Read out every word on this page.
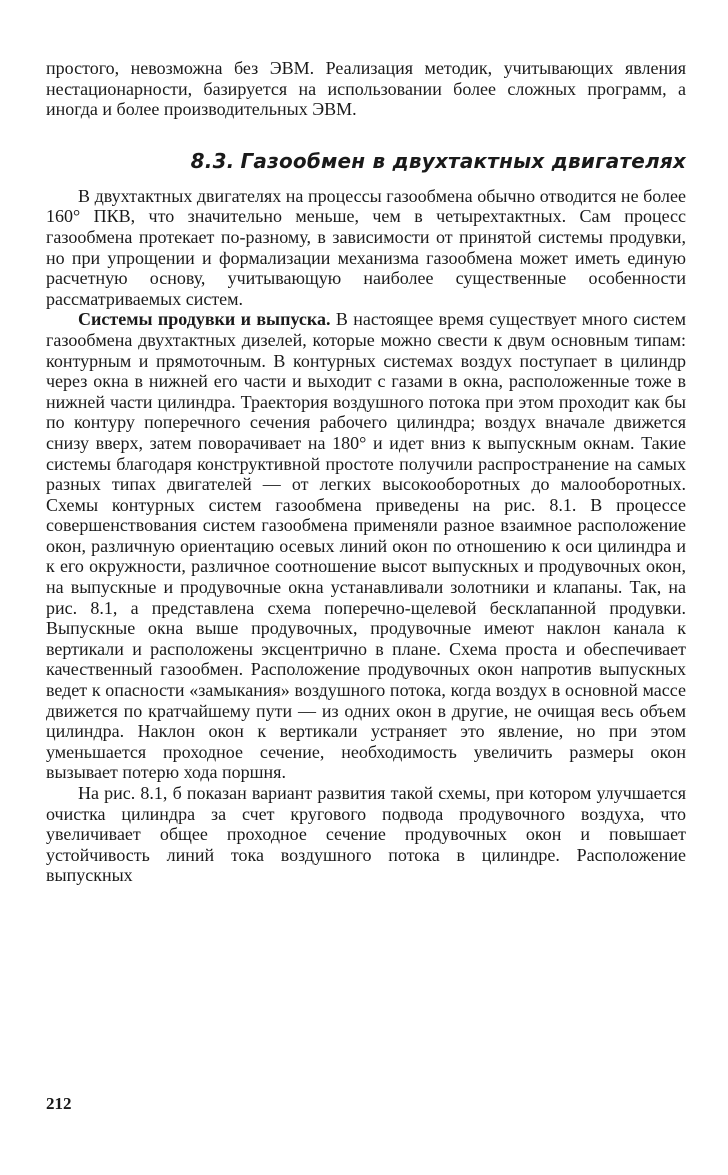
простого, невозможна без ЭВМ. Реализация методик, учитывающих явления нестационарности, базируется на использовании более сложных программ, а иногда и более производительных ЭВМ.

8.3. Газообмен в двухтактных двигателях

В двухтактных двигателях на процессы газообмена обычно отводится не более 160° ПКВ, что значительно меньше, чем в четырехтактных. Сам процесс газообмена протекает по-разному, в зависимости от принятой системы продувки, но при упрощении и формализации механизма газообмена может иметь единую расчетную основу, учитывающую наиболее существенные особенности рассматриваемых систем.

Системы продувки и выпуска. В настоящее время существует много систем газообмена двухтактных дизелей, которые можно свести к двум основным типам: контурным и прямоточным. В контурных системах воздух поступает в цилиндр через окна в нижней его части и выходит с газами в окна, расположенные тоже в нижней части цилиндра. Траектория воздушного потока при этом проходит как бы по контуру поперечного сечения рабочего цилиндра; воздух вначале движется снизу вверх, затем поворачивает на 180° и идет вниз к выпускным окнам. Такие системы благодаря конструктивной простоте получили распространение на самых разных типах двигателей — от легких высокооборотных до малооборотных. Схемы контурных систем газообмена приведены на рис. 8.1. В процессе совершенствования систем газообмена применяли разное взаимное расположение окон, различную ориентацию осевых линий окон по отношению к оси цилиндра и к его окружности, различное соотношение высот выпускных и продувочных окон, на выпускные и продувочные окна устанавливали золотники и клапаны. Так, на рис. 8.1, а представлена схема поперечно-щелевой бесклапанной продувки. Выпускные окна выше продувочных, продувочные имеют наклон канала к вертикали и расположены эксцентрично в плане. Схема проста и обеспечивает качественный газообмен. Расположение продувочных окон напротив выпускных ведет к опасности «замыкания» воздушного потока, когда воздух в основной массе движется по кратчайшему пути — из одних окон в другие, не очищая весь объем цилиндра. Наклон окон к вертикали устраняет это явление, но при этом уменьшается проходное сечение, необходимость увеличить размеры окон вызывает потерю хода поршня.

На рис. 8.1, б показан вариант развития такой схемы, при котором улучшается очистка цилиндра за счет кругового подвода продувочного воздуха, что увеличивает общее проходное сечение продувочных окон и повышает устойчивость линий тока воздушного потока в цилиндре. Расположение выпускных

212
